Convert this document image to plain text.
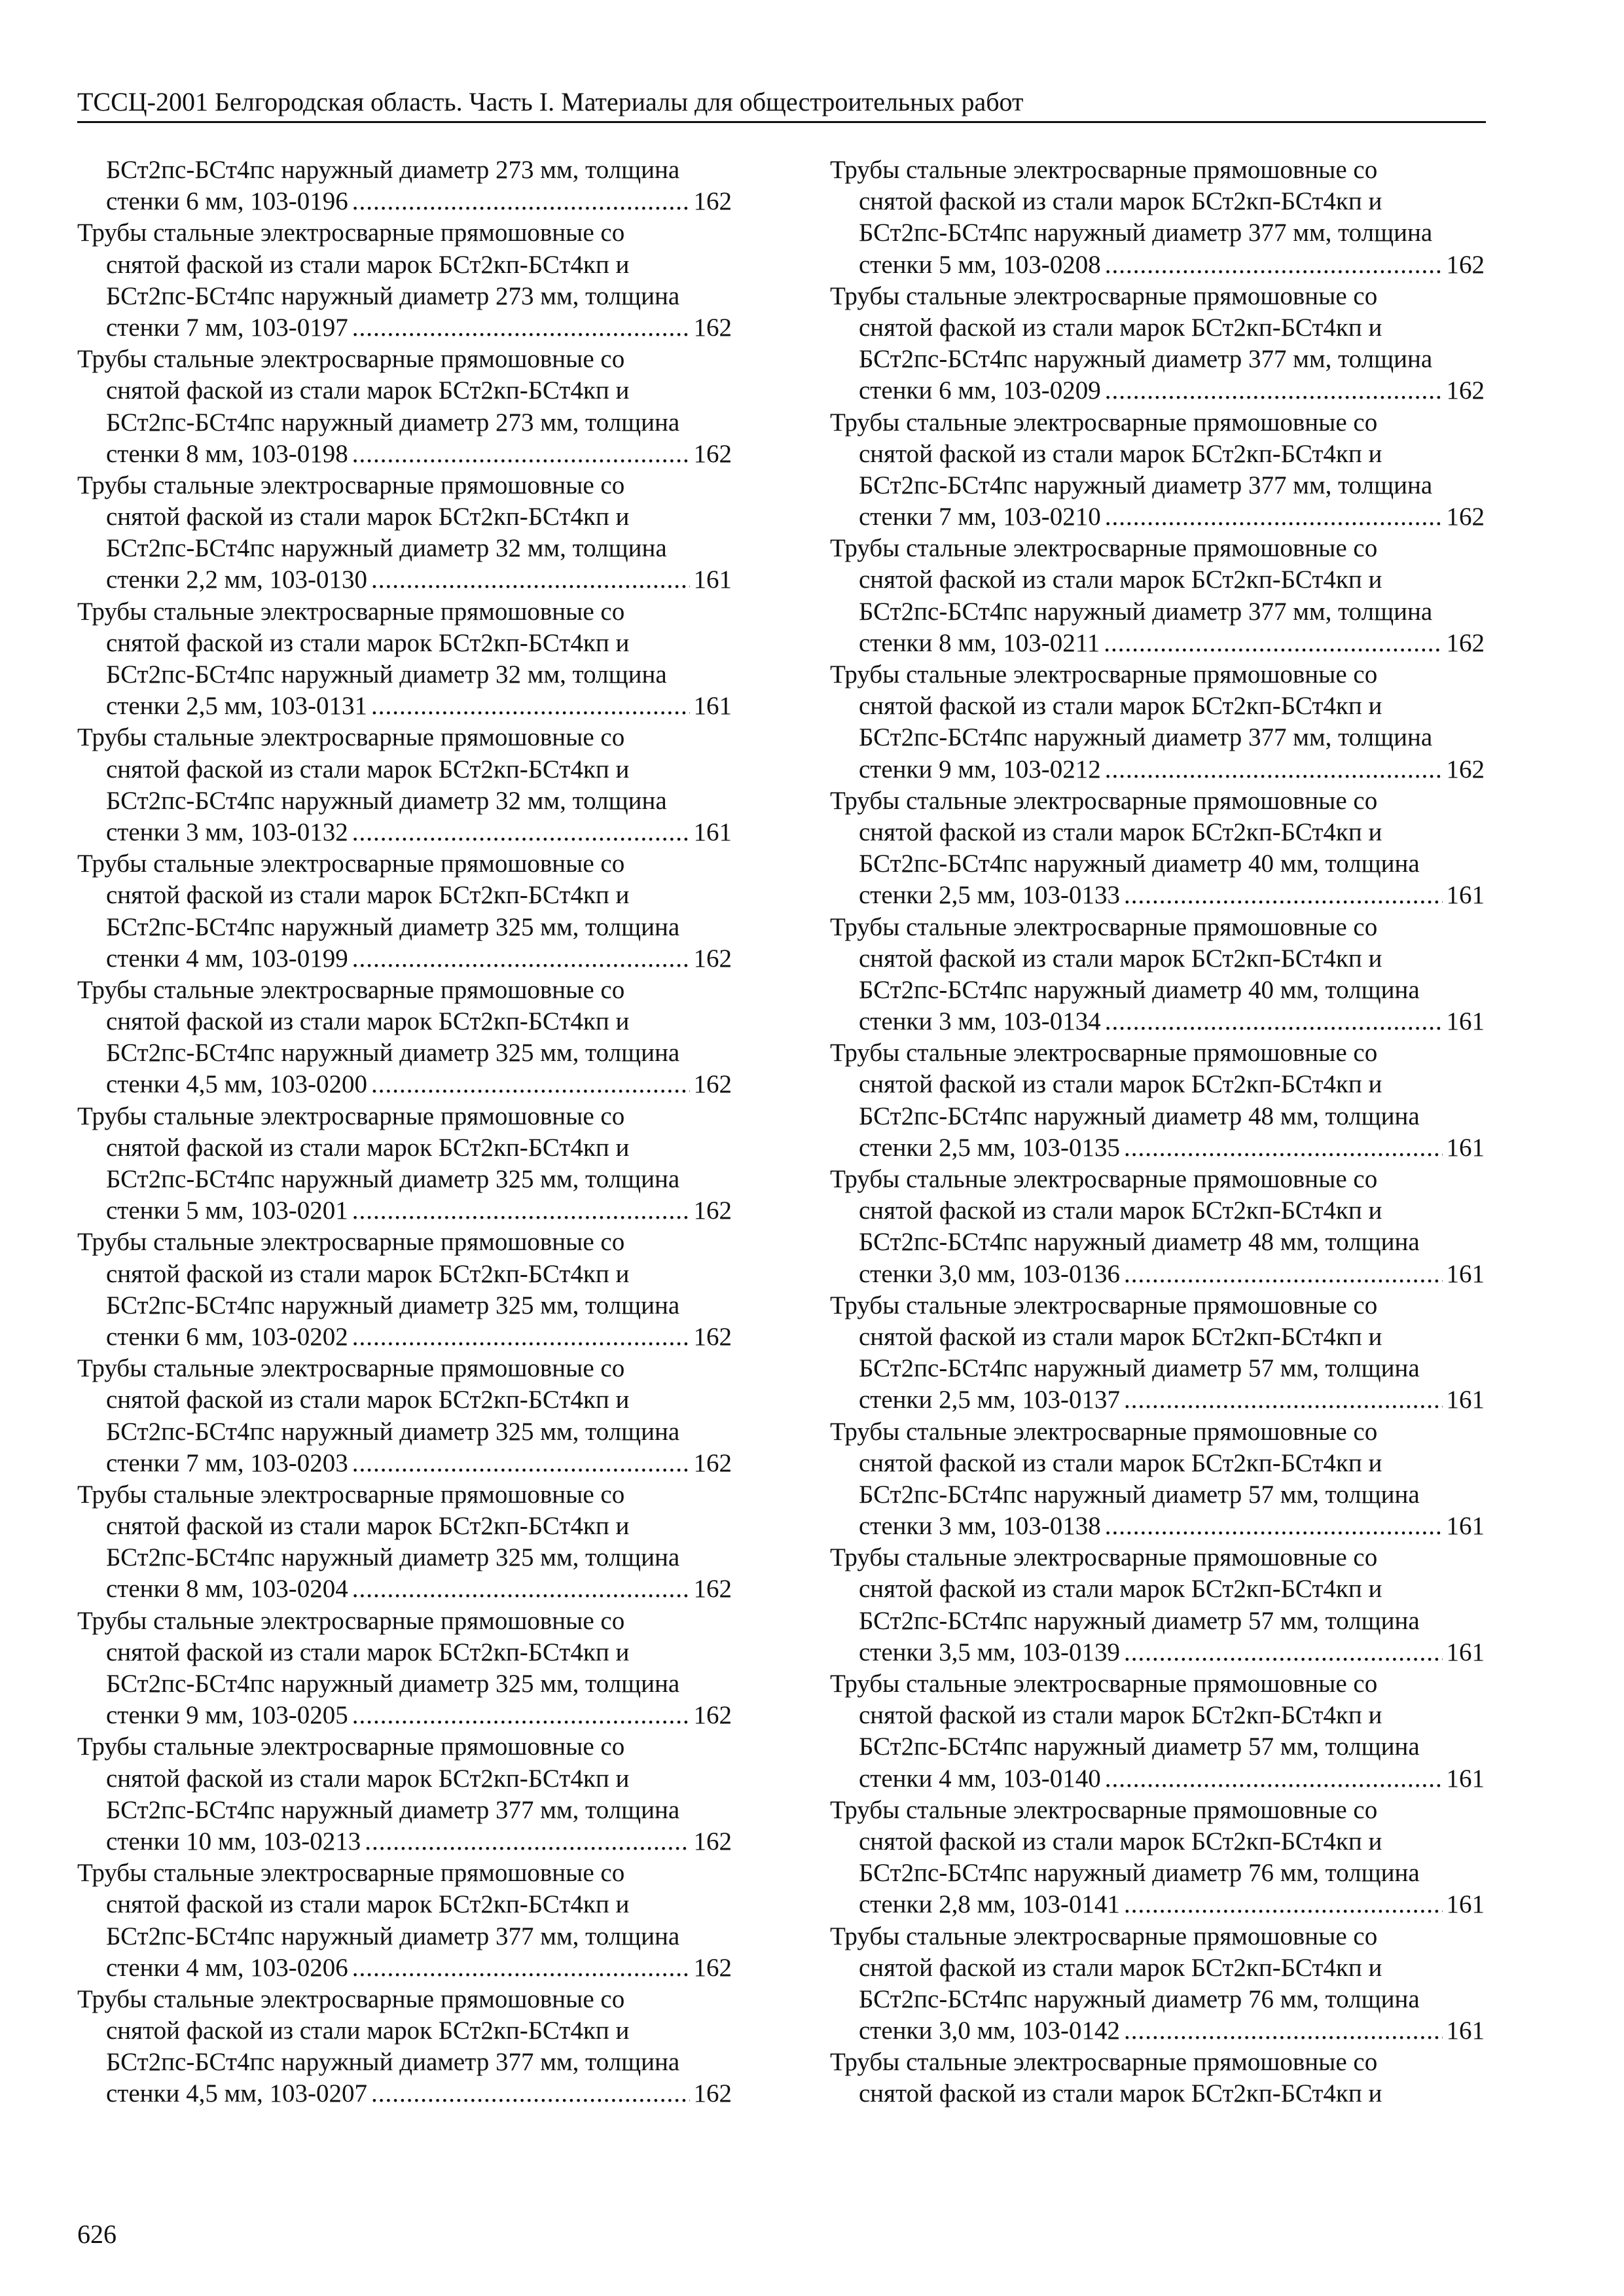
ТССЦ-2001 Белгородская область. Часть I. Материалы для общестроительных работ
БСт2пс-БСт4пс наружный диаметр 273 мм, толщина
стенки 6 мм, 103-0196 .....	162
Трубы стальные электросварные прямошовные со
снятой фаской из стали марок БСт2кп-БСт4кп и
БСт2пс-БСт4пс наружный диаметр 273 мм, толщина
стенки 7 мм, 103-0197 .....	162
Трубы стальные электросварные прямошовные со
снятой фаской из стали марок БСт2кп-БСт4кп и
БСт2пс-БСт4пс наружный диаметр 273 мм, толщина
стенки 8 мм, 103-0198 .....	162
Трубы стальные электросварные прямошовные со
снятой фаской из стали марок БСт2кп-БСт4кп и
БСт2пс-БСт4пс наружный диаметр 32 мм, толщина
стенки 2,2 мм, 103-0130 .....	161
Трубы стальные электросварные прямошовные со
снятой фаской из стали марок БСт2кп-БСт4кп и
БСт2пс-БСт4пс наружный диаметр 32 мм, толщина
стенки 2,5 мм, 103-0131 .....	161
Трубы стальные электросварные прямошовные со
снятой фаской из стали марок БСт2кп-БСт4кп и
БСт2пс-БСт4пс наружный диаметр 32 мм, толщина
стенки 3 мм, 103-0132 .....	161
Трубы стальные электросварные прямошовные со
снятой фаской из стали марок БСт2кп-БСт4кп и
БСт2пс-БСт4пс наружный диаметр 325 мм, толщина
стенки 4 мм, 103-0199 .....	162
Трубы стальные электросварные прямошовные со
снятой фаской из стали марок БСт2кп-БСт4кп и
БСт2пс-БСт4пс наружный диаметр 325 мм, толщина
стенки 4,5 мм, 103-0200 .....	162
Трубы стальные электросварные прямошовные со
снятой фаской из стали марок БСт2кп-БСт4кп и
БСт2пс-БСт4пс наружный диаметр 325 мм, толщина
стенки 5 мм, 103-0201 .....	162
Трубы стальные электросварные прямошовные со
снятой фаской из стали марок БСт2кп-БСт4кп и
БСт2пс-БСт4пс наружный диаметр 325 мм, толщина
стенки 6 мм, 103-0202 .....	162
Трубы стальные электросварные прямошовные со
снятой фаской из стали марок БСт2кп-БСт4кп и
БСт2пс-БСт4пс наружный диаметр 325 мм, толщина
стенки 7 мм, 103-0203 .....	162
Трубы стальные электросварные прямошовные со
снятой фаской из стали марок БСт2кп-БСт4кп и
БСт2пс-БСт4пс наружный диаметр 325 мм, толщина
стенки 8 мм, 103-0204 .....	162
Трубы стальные электросварные прямошовные со
снятой фаской из стали марок БСт2кп-БСт4кп и
БСт2пс-БСт4пс наружный диаметр 325 мм, толщина
стенки 9 мм, 103-0205 .....	162
Трубы стальные электросварные прямошовные со
снятой фаской из стали марок БСт2кп-БСт4кп и
БСт2пс-БСт4пс наружный диаметр 377 мм, толщина
стенки 10 мм, 103-0213 .....	162
Трубы стальные электросварные прямошовные со
снятой фаской из стали марок БСт2кп-БСт4кп и
БСт2пс-БСт4пс наружный диаметр 377 мм, толщина
стенки 4 мм, 103-0206 .....	162
Трубы стальные электросварные прямошовные со
снятой фаской из стали марок БСт2кп-БСт4кп и
БСт2пс-БСт4пс наружный диаметр 377 мм, толщина
стенки 4,5 мм, 103-0207 .....	162
Трубы стальные электросварные прямошовные со
снятой фаской из стали марок БСт2кп-БСт4кп и
БСт2пс-БСт4пс наружный диаметр 377 мм, толщина
стенки 5 мм, 103-0208 .....	162
Трубы стальные электросварные прямошовные со
снятой фаской из стали марок БСт2кп-БСт4кп и
БСт2пс-БСт4пс наружный диаметр 377 мм, толщина
стенки 6 мм, 103-0209 .....	162
Трубы стальные электросварные прямошовные со
снятой фаской из стали марок БСт2кп-БСт4кп и
БСт2пс-БСт4пс наружный диаметр 377 мм, толщина
стенки 7 мм, 103-0210 .....	162
Трубы стальные электросварные прямошовные со
снятой фаской из стали марок БСт2кп-БСт4кп и
БСт2пс-БСт4пс наружный диаметр 377 мм, толщина
стенки 8 мм, 103-0211 .....	162
Трубы стальные электросварные прямошовные со
снятой фаской из стали марок БСт2кп-БСт4кп и
БСт2пс-БСт4пс наружный диаметр 377 мм, толщина
стенки 9 мм, 103-0212 .....	162
Трубы стальные электросварные прямошовные со
снятой фаской из стали марок БСт2кп-БСт4кп и
БСт2пс-БСт4пс наружный диаметр 40 мм, толщина
стенки 2,5 мм, 103-0133 .....	161
Трубы стальные электросварные прямошовные со
снятой фаской из стали марок БСт2кп-БСт4кп и
БСт2пс-БСт4пс наружный диаметр 40 мм, толщина
стенки 3 мм, 103-0134 .....	161
Трубы стальные электросварные прямошовные со
снятой фаской из стали марок БСт2кп-БСт4кп и
БСт2пс-БСт4пс наружный диаметр 48 мм, толщина
стенки 2,5 мм, 103-0135 .....	161
Трубы стальные электросварные прямошовные со
снятой фаской из стали марок БСт2кп-БСт4кп и
БСт2пс-БСт4пс наружный диаметр 48 мм, толщина
стенки 3,0 мм, 103-0136 .....	161
Трубы стальные электросварные прямошовные со
снятой фаской из стали марок БСт2кп-БСт4кп и
БСт2пс-БСт4пс наружный диаметр 57 мм, толщина
стенки 2,5 мм, 103-0137 .....	161
Трубы стальные электросварные прямошовные со
снятой фаской из стали марок БСт2кп-БСт4кп и
БСт2пс-БСт4пс наружный диаметр 57 мм, толщина
стенки 3 мм, 103-0138 .....	161
Трубы стальные электросварные прямошовные со
снятой фаской из стали марок БСт2кп-БСт4кп и
БСт2пс-БСт4пс наружный диаметр 57 мм, толщина
стенки 3,5 мм, 103-0139 .....	161
Трубы стальные электросварные прямошовные со
снятой фаской из стали марок БСт2кп-БСт4кп и
БСт2пс-БСт4пс наружный диаметр 57 мм, толщина
стенки 4 мм, 103-0140 .....	161
Трубы стальные электросварные прямошовные со
снятой фаской из стали марок БСт2кп-БСт4кп и
БСт2пс-БСт4пс наружный диаметр 76 мм, толщина
стенки 2,8 мм, 103-0141 .....	161
Трубы стальные электросварные прямошовные со
снятой фаской из стали марок БСт2кп-БСт4кп и
БСт2пс-БСт4пс наружный диаметр 76 мм, толщина
стенки 3,0 мм, 103-0142 .....	161
Трубы стальные электросварные прямошовные со
снятой фаской из стали марок БСт2кп-БСт4кп и
626
